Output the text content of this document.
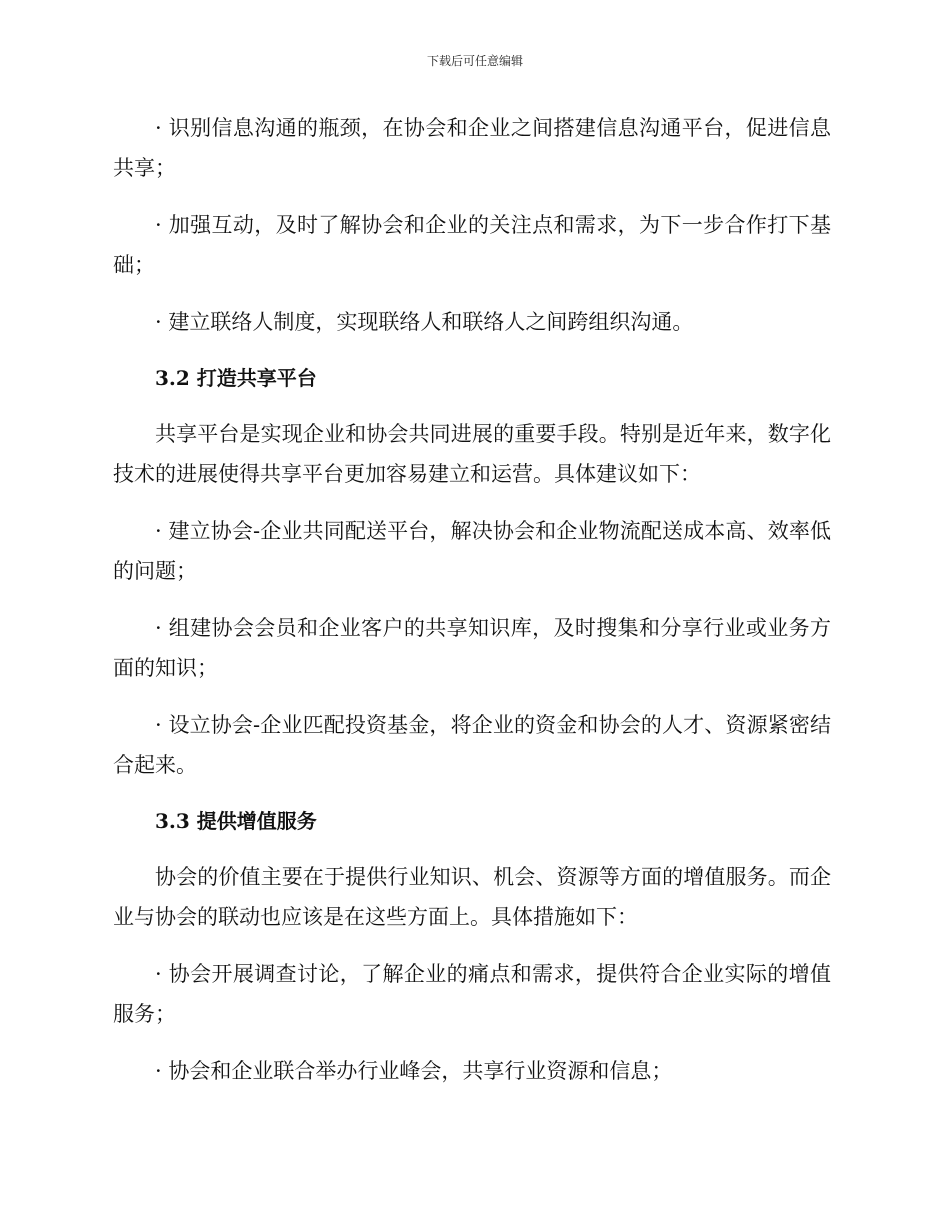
下载后可任意编辑

· 识别信息沟通的瓶颈，在协会和企业之间搭建信息沟通平台，促进信息共享；

· 加强互动，及时了解协会和企业的关注点和需求，为下一步合作打下基础；

· 建立联络人制度，实现联络人和联络人之间跨组织沟通。

3.2 打造共享平台

共享平台是实现企业和协会共同进展的重要手段。特别是近年来，数字化技术的进展使得共享平台更加容易建立和运营。具体建议如下：

· 建立协会-企业共同配送平台，解决协会和企业物流配送成本高、效率低的问题；

· 组建协会会员和企业客户的共享知识库，及时搜集和分享行业或业务方面的知识；

· 设立协会-企业匹配投资基金，将企业的资金和协会的人才、资源紧密结合起来。

3.3 提供增值服务

协会的价值主要在于提供行业知识、机会、资源等方面的增值服务。而企业与协会的联动也应该是在这些方面上。具体措施如下：

· 协会开展调查讨论，了解企业的痛点和需求，提供符合企业实际的增值服务；

· 协会和企业联合举办行业峰会，共享行业资源和信息；
